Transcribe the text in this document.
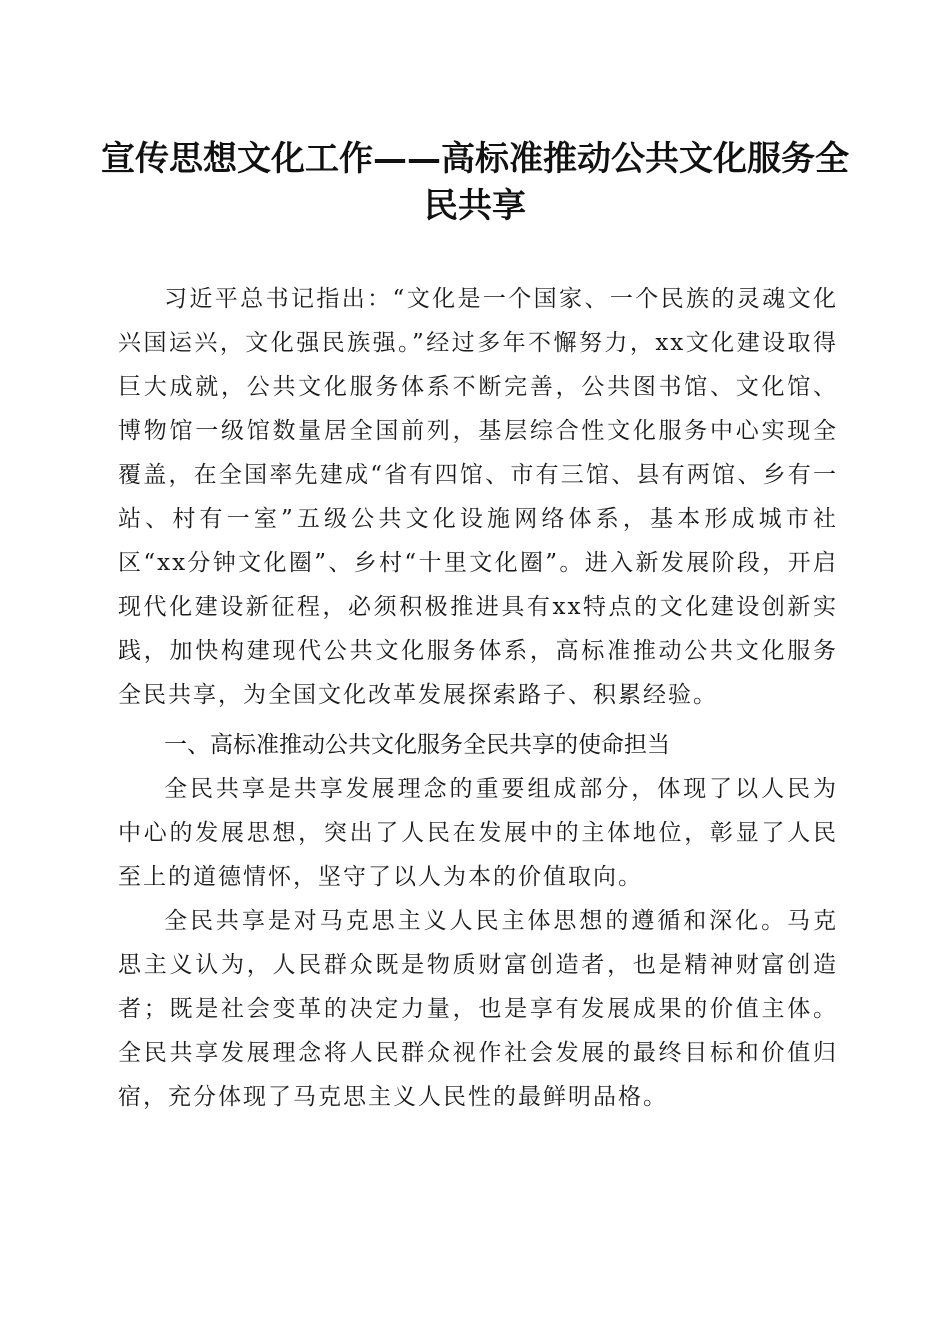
宣传思想文化工作——高标准推动公共文化服务全民共享

习近平总书记指出：“文化是一个国家、一个民族的灵魂文化兴国运兴，文化强民族强。”经过多年不懈努力，xx文化建设取得巨大成就，公共文化服务体系不断完善，公共图书馆、文化馆、博物馆一级馆数量居全国前列，基层综合性文化服务中心实现全覆盖，在全国率先建成“省有四馆、市有三馆、县有两馆、乡有一站、村有一室”五级公共文化设施网络体系，基本形成城市社区“xx分钟文化圈”、乡村“十里文化圈”。进入新发展阶段，开启现代化建设新征程，必须积极推进具有xx特点的文化建设创新实践，加快构建现代公共文化服务体系，高标准推动公共文化服务全民共享，为全国文化改革发展探索路子、积累经验。

一、高标准推动公共文化服务全民共享的使命担当

全民共享是共享发展理念的重要组成部分，体现了以人民为中心的发展思想，突出了人民在发展中的主体地位，彰显了人民至上的道德情怀，坚守了以人为本的价值取向。

全民共享是对马克思主义人民主体思想的遵循和深化。马克思主义认为，人民群众既是物质财富创造者，也是精神财富创造者；既是社会变革的决定力量，也是享有发展成果的价值主体。全民共享发展理念将人民群众视作社会发展的最终目标和价值归宿，充分体现了马克思主义人民性的最鲜明品格。
